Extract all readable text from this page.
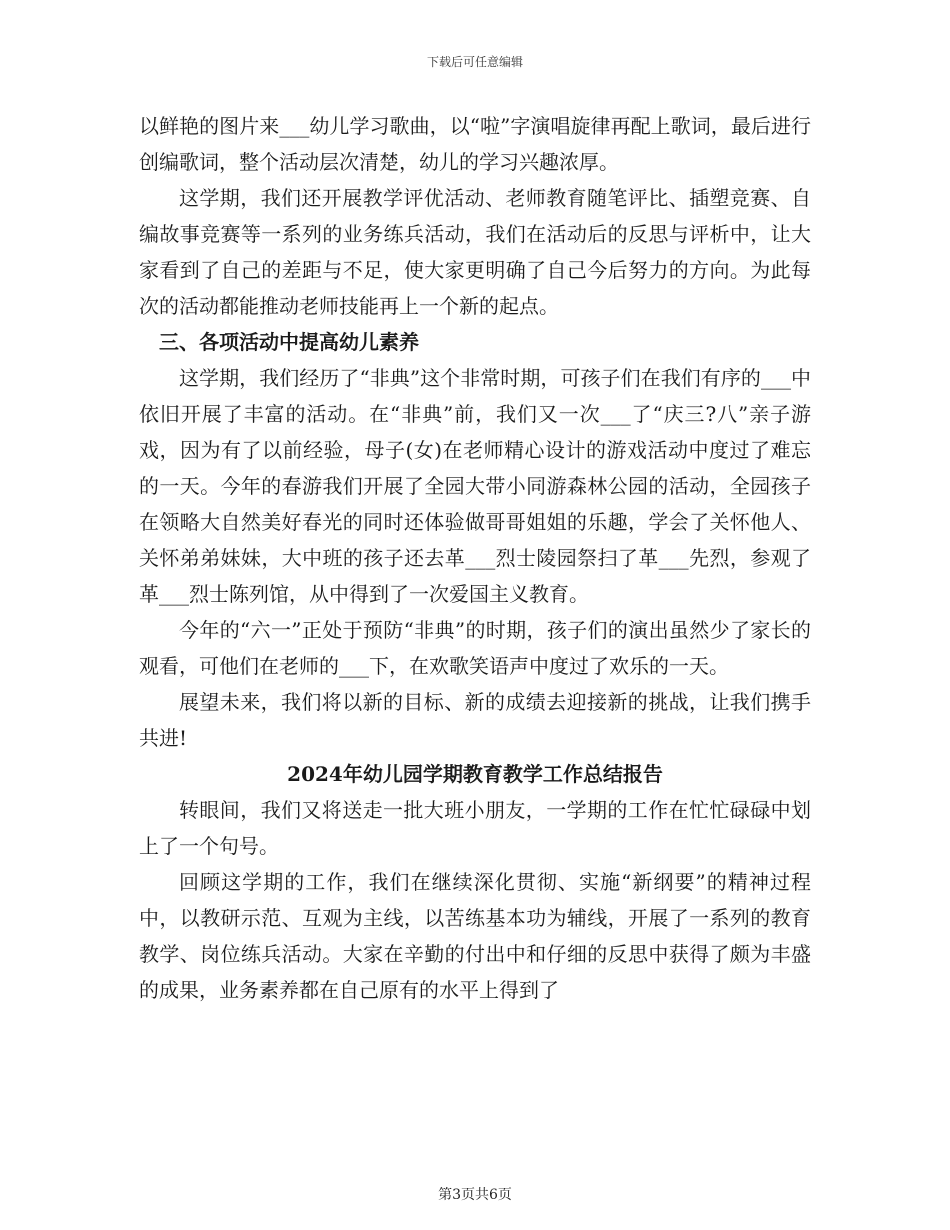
下载后可任意编辑

以鲜艳的图片来___幼儿学习歌曲，以“啦”字演唱旋律再配上歌词，最后进行创编歌词，整个活动层次清楚，幼儿的学习兴趣浓厚。

这学期，我们还开展教学评优活动、老师教育随笔评比、插塑竞赛、自编故事竞赛等一系列的业务练兵活动，我们在活动后的反思与评析中，让大家看到了自己的差距与不足，使大家更明确了自己今后努力的方向。为此每次的活动都能推动老师技能再上一个新的起点。

三、各项活动中提高幼儿素养

这学期，我们经历了“非典”这个非常时期，可孩子们在我们有序的___中依旧开展了丰富的活动。在“非典”前，我们又一次___了“庆三?八”亲子游戏，因为有了以前经验，母子(女)在老师精心设计的游戏活动中度过了难忘的一天。今年的春游我们开展了全园大带小同游森林公园的活动，全园孩子在领略大自然美好春光的同时还体验做哥哥姐姐的乐趣，学会了关怀他人、关怀弟弟妹妹，大中班的孩子还去革___烈士陵园祭扫了革___先烈，参观了革___烈士陈列馆，从中得到了一次爱国主义教育。

今年的“六一”正处于预防“非典”的时期，孩子们的演出虽然少了家长的观看，可他们在老师的___下，在欢歌笑语声中度过了欢乐的一天。

展望未来，我们将以新的目标、新的成绩去迎接新的挑战，让我们携手共进!

2024年幼儿园学期教育教学工作总结报告

转眼间，我们又将送走一批大班小朋友，一学期的工作在忙忙碌碌中划上了一个句号。

回顾这学期的工作，我们在继续深化贯彻、实施“新纲要”的精神过程中，以教研示范、互观为主线，以苦练基本功为辅线，开展了一系列的教育教学、岗位练兵活动。大家在辛勤的付出中和仔细的反思中获得了颇为丰盛的成果，业务素养都在自己原有的水平上得到了

第3页共6页
